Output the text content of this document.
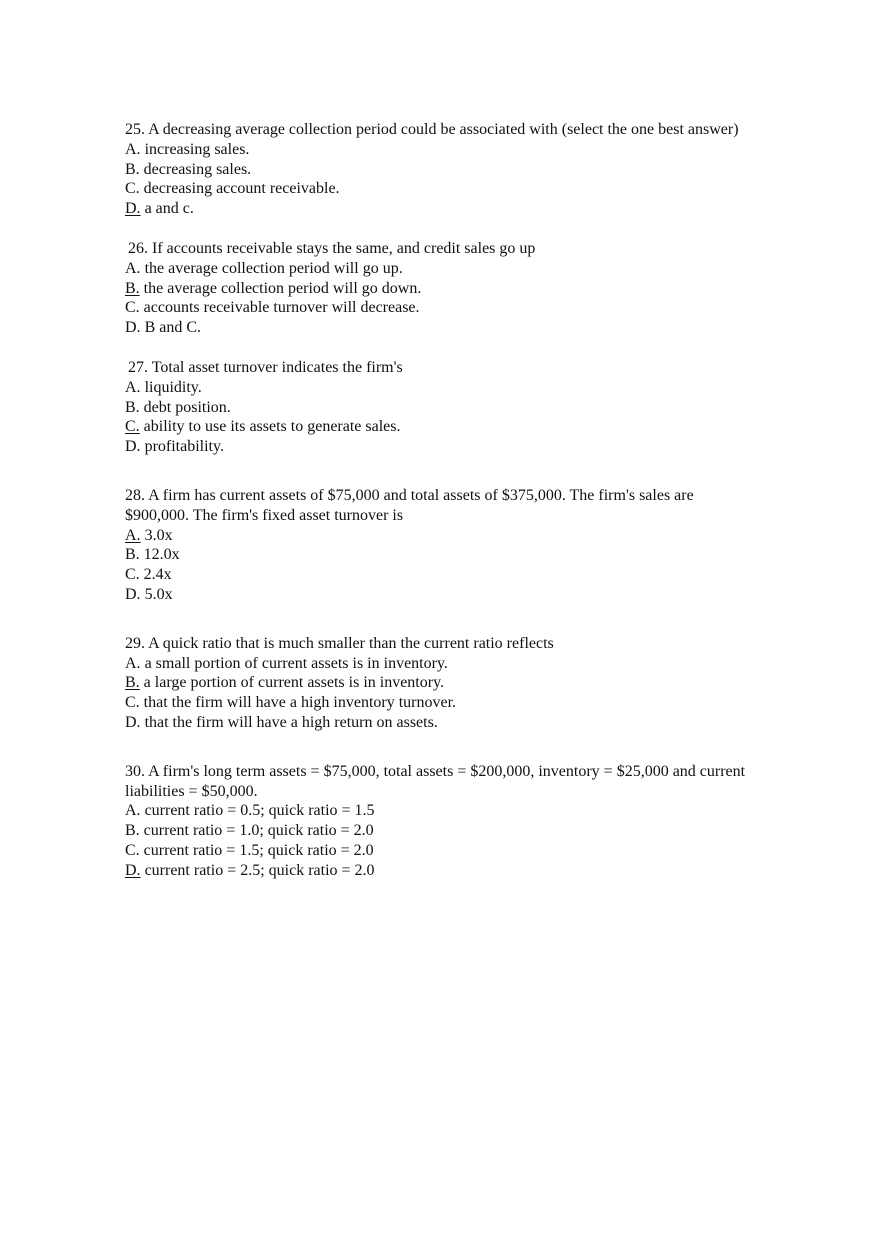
25. A decreasing average collection period could be associated with (select the one best answer)
A. increasing sales.
B. decreasing sales.
C. decreasing account receivable.
D. a and c.
26. If accounts receivable stays the same, and credit sales go up
A. the average collection period will go up.
B. the average collection period will go down.
C. accounts receivable turnover will decrease.
D. B and C.
27. Total asset turnover indicates the firm's
A. liquidity.
B. debt position.
C. ability to use its assets to generate sales.
D. profitability.
28. A firm has current assets of $75,000 and total assets of $375,000. The firm's sales are $900,000. The firm's fixed asset turnover is
A. 3.0x
B. 12.0x
C. 2.4x
D. 5.0x
29. A quick ratio that is much smaller than the current ratio reflects
A. a small portion of current assets is in inventory.
B. a large portion of current assets is in inventory.
C. that the firm will have a high inventory turnover.
D. that the firm will have a high return on assets.
30. A firm's long term assets = $75,000, total assets = $200,000, inventory = $25,000 and current liabilities = $50,000.
A. current ratio = 0.5; quick ratio = 1.5
B. current ratio = 1.0; quick ratio = 2.0
C. current ratio = 1.5; quick ratio = 2.0
D. current ratio = 2.5; quick ratio = 2.0
